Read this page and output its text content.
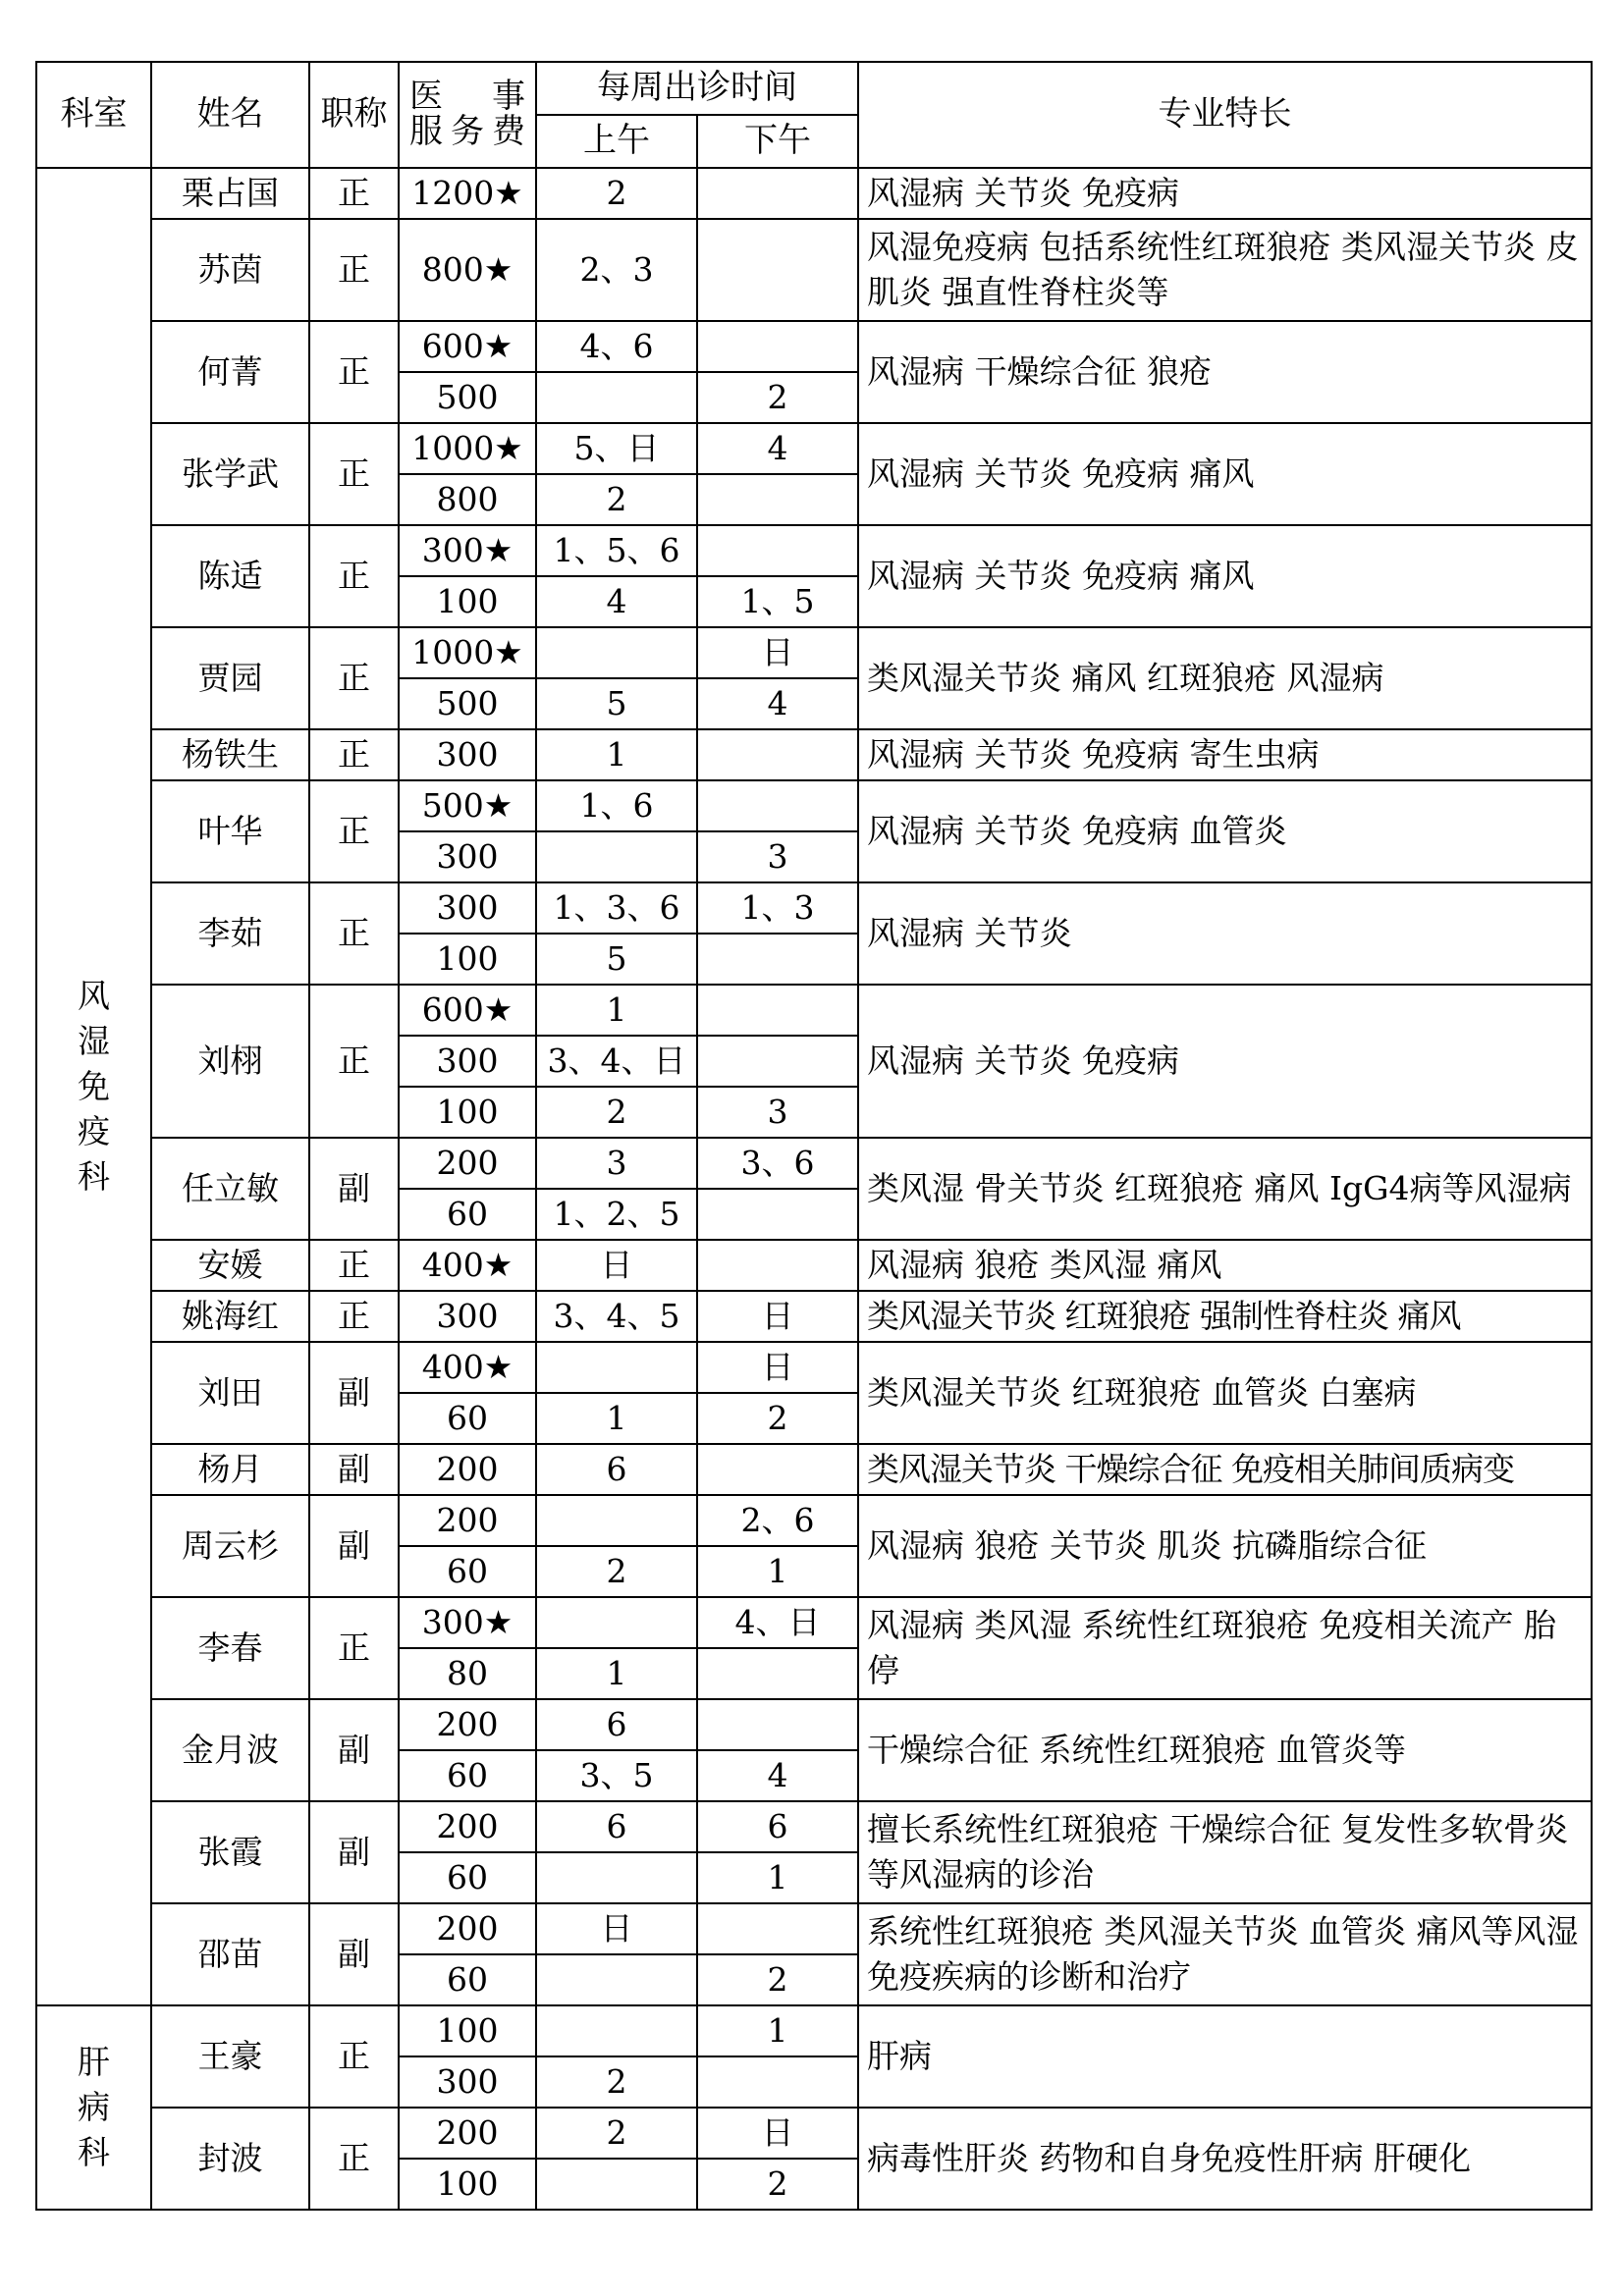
科室	姓名	职称	医　事
服务费	每周出诊时间		专业特长
				上午	下午	

风湿免疫科	栗占国	正	1200★	2		风湿病 关节炎 免疫病
	苏茵	正	800★	2、3		风湿免疫病 包括系统性红斑狼疮 类风湿关节炎 皮肌炎 强直性脊柱炎等
	何菁	正	600★	4、6		风湿病 干燥综合征 狼疮
			500		2	
	张学武	正	1000★	5、日	4	风湿病 关节炎 免疫病 痛风
			800	2		
	陈适	正	300★	1、5、6		风湿病 关节炎 免疫病 痛风
			100	4	1、5	
	贾园	正	1000★		日	类风湿关节炎 痛风 红斑狼疮 风湿病
			500	5	4	
	杨铁生	正	300	1		风湿病 关节炎 免疫病 寄生虫病
	叶华	正	500★	1、6		风湿病 关节炎 免疫病 血管炎
			300		3	
	李茹	正	300	1、3、6	1、3	风湿病 关节炎
			100	5		
	刘栩	正	600★	1		风湿病 关节炎 免疫病
			300	3、4、日		
			100	2	3	
	任立敏	副	200	3	3、6	类风湿 骨关节炎 红斑狼疮 痛风 IgG4病等风湿病
			60	1、2、5		
	安媛	正	400★	日		风湿病 狼疮 类风湿 痛风
	姚海红	正	300	3、4、5	日	类风湿关节炎 红斑狼疮 强制性脊柱炎 痛风
	刘田	副	400★		日	类风湿关节炎 红斑狼疮 血管炎 白塞病
			60	1	2	
	杨月	副	200	6		类风湿关节炎 干燥综合征 免疫相关肺间质病变
	周云杉	副	200		2、6	风湿病 狼疮 关节炎 肌炎 抗磷脂综合征
			60	2	1	
	李春	正	300★		4、日	风湿病 类风湿 系统性红斑狼疮 免疫相关流产 胎停
			80	1		
	金月波	副	200	6		干燥综合征 系统性红斑狼疮 血管炎等
			60	3、5	4	
	张霞	副	200	6	6	擅长系统性红斑狼疮 干燥综合征 复发性多软骨炎等风湿病的诊治
			60		1	
	邵苗	副	200	日		系统性红斑狼疮 类风湿关节炎 血管炎 痛风等风湿免疫疾病的诊断和治疗
			60		2	

肝病科	王豪	正	100		1	肝病
			300	2		
	封波	正	200	2	日	病毒性肝炎 药物和自身免疫性肝病 肝硬化
			100		2	
